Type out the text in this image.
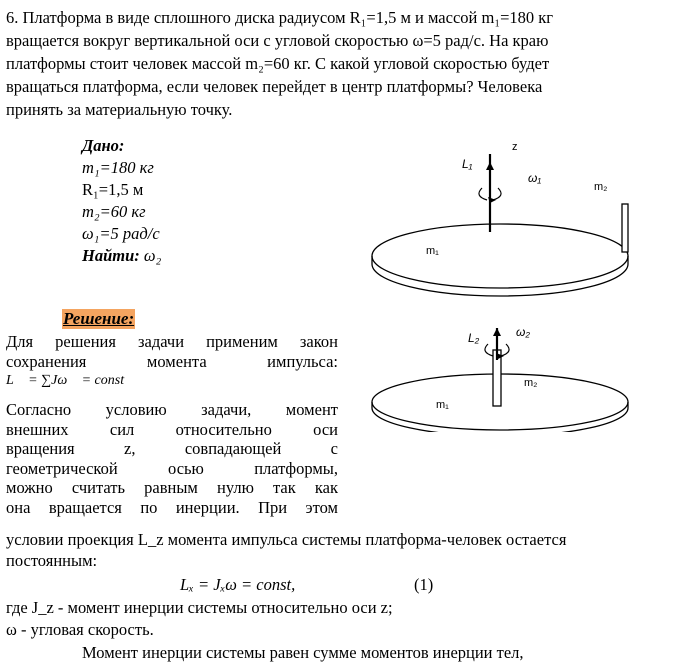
6. Платформа в виде сплошного диска радиусом R₁=1,5 м и массой m₁=180 кг
вращается вокруг вертикальной оси с угловой скоростью ω=5 рад/с. На краю
платформы стоит человек массой m₂=60 кг. С какой угловой скоростью будет
вращаться платформа, если человек перейдет в центр платформы? Человека
принять за материальную точку.
Дано:
m₁=180 кг
R₁=1,5 м
m₂=60 кг
ω₁=5 рад/с
Найти: ω₂
z
L₁
ω₁
m₁
m₂
L₂	ω₂
m₁
m₂
Решение:
Для решения задачи применим закон
сохранения момента импульса:
L⃗ = ∑Jω⃗ = const
Согласно условию задачи, момент
внешних сил относительно оси
вращения z, совпадающей с
геометрической осью платформы,
можно считать равным нулю так как
она вращается по инерции. При этом
условии проекция L_z момента импульса системы платформа-человек остается
постоянным:
Lₓ = Jₓω = const,	(1)
где J_z - момент инерции системы относительно оси z;
ω - угловая скорость.
Момент инерции системы равен сумме моментов инерции тел,
